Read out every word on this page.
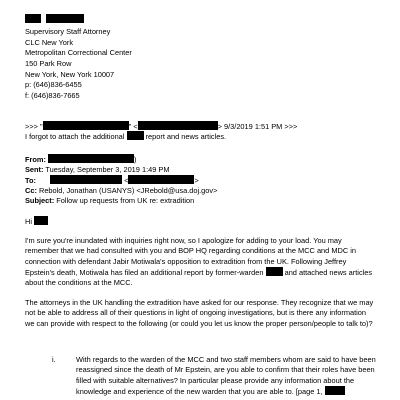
Supervisory Staff Attorney
CLC New York
Metropolitan Correctional Center
150 Park Row
New York, New York 10007
p: (646)836-6455
f: (646)836-7665
>>> "	" <	> 9/3/2019 1:51 PM >>>
I forgot to attach the additional	report and news articles.
From:	)
Sent: Tuesday, September 3, 2019 1:49 PM
To:	<	>
Cc: Rebold, Jonathan (USANYS) <JRebold@usa.doj.gov>
Subject: Follow up requests from UK re: extradition
Hi

I'm sure you're inundated with inquiries right now, so I apologize for adding to your load. You may remember that we had consulted with you and BOP HQ regarding conditions at the MCC and MDC in connection with defendant Jabir Motiwala's opposition to extradition from the UK. Following Jeffrey Epstein's death, Motiwala has filed an additional report by former-warden	and attached news articles about the conditions at the MCC.

The attorneys in the UK handling the extradition have asked for our response. They recognize that we may not be able to address all of their questions in light of ongoing investigations, but is there any information we can provide with respect to the following (or could you let us know the proper person/people to talk to)?

i.	With regards to the warden of the MCC and two staff members whom are said to have been reassigned since the death of Mr Epstein, are you able to confirm that their roles have been filled with suitable alternatives? In particular please provide any information about the knowledge and experience of the new warden that you are able to. [page 1,
